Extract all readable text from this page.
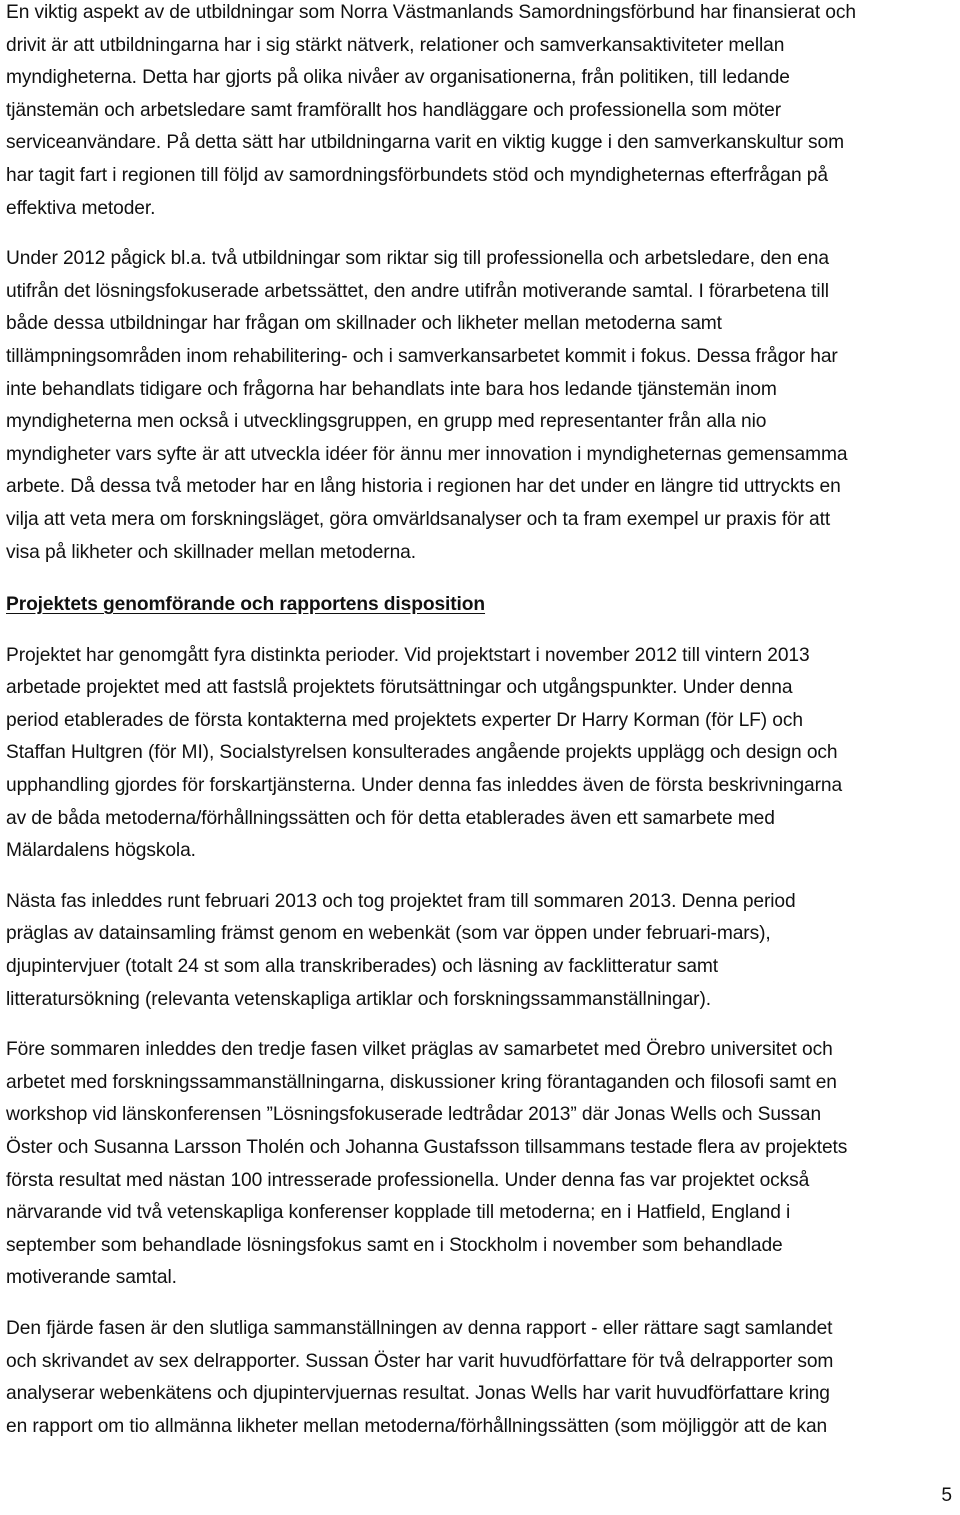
En viktig aspekt av de utbildningar som Norra Västmanlands Samordningsförbund har finansierat och
drivit är att utbildningarna har i sig stärkt nätverk, relationer och samverkansaktiviteter mellan
myndigheterna. Detta har gjorts på olika nivåer av organisationerna, från politiken, till ledande
tjänstemän och arbetsledare samt framförallt hos handläggare och professionella som möter
serviceanvändare. På detta sätt har utbildningarna varit en viktig kugge i den samverkanskultur som
har tagit fart i regionen till följd av samordningsförbundets stöd och myndigheternas efterfrågan på
effektiva metoder.

Under 2012 pågick bl.a. två utbildningar som riktar sig till professionella och arbetsledare, den ena
utifrån det lösningsfokuserade arbetssättet, den andre utifrån motiverande samtal. I förarbetena till
både dessa utbildningar har frågan om skillnader och likheter mellan metoderna samt
tillämpningsområden inom rehabilitering- och i samverkansarbetet kommit i fokus. Dessa frågor har
inte behandlats tidigare och frågorna har behandlats inte bara hos ledande tjänstemän inom
myndigheterna men också i utvecklingsgruppen, en grupp med representanter från alla nio
myndigheter vars syfte är att utveckla idéer för ännu mer innovation i myndigheternas gemensamma
arbete. Då dessa två metoder har en lång historia i regionen har det under en längre tid uttryckts en
vilja att veta mera om forskningsläget, göra omvärldsanalyser och ta fram exempel ur praxis för att
visa på likheter och skillnader mellan metoderna.

Projektets genomförande och rapportens disposition

Projektet har genomgått fyra distinkta perioder. Vid projektstart i november 2012 till vintern 2013
arbetade projektet med att fastslå projektets förutsättningar och utgångspunkter. Under denna
period etablerades de första kontakterna med projektets experter Dr Harry Korman (för LF) och
Staffan Hultgren (för MI), Socialstyrelsen konsulterades angående projekts upplägg och design och
upphandling gjordes för forskartjänsterna. Under denna fas inleddes även de första beskrivningarna
av de båda metoderna/förhållningssätten och för detta etablerades även ett samarbete med
Mälardalens högskola.

Nästa fas inleddes runt februari 2013 och tog projektet fram till sommaren 2013. Denna period
präglas av datainsamling främst genom en webenkät (som var öppen under februari-mars),
djupintervjuer (totalt 24 st som alla transkriberades) och läsning av facklitteratur samt
litteratursökning (relevanta vetenskapliga artiklar och forskningssammanställningar).

Före sommaren inleddes den tredje fasen vilket präglas av samarbetet med Örebro universitet och
arbetet med forskningssammanställningarna, diskussioner kring förantaganden och filosofi samt en
workshop vid länskonferensen ”Lösningsfokuserade ledtrådar 2013” där Jonas Wells och Sussan
Öster och Susanna Larsson Tholén och Johanna Gustafsson tillsammans testade flera av projektets
första resultat med nästan 100 intresserade professionella. Under denna fas var projektet också
närvarande vid två vetenskapliga konferenser kopplade till metoderna; en i Hatfield, England i
september som behandlade lösningsfokus samt en i Stockholm i november som behandlade
motiverande samtal.

Den fjärde fasen är den slutliga sammanställningen av denna rapport - eller rättare sagt samlandet
och skrivandet av sex delrapporter. Sussan Öster har varit huvudförfattare för två delrapporter som
analyserar webenkätens och djupintervjuernas resultat. Jonas Wells har varit huvudförfattare kring
en rapport om tio allmänna likheter mellan metoderna/förhållningssätten (som möjliggör att de kan

5
